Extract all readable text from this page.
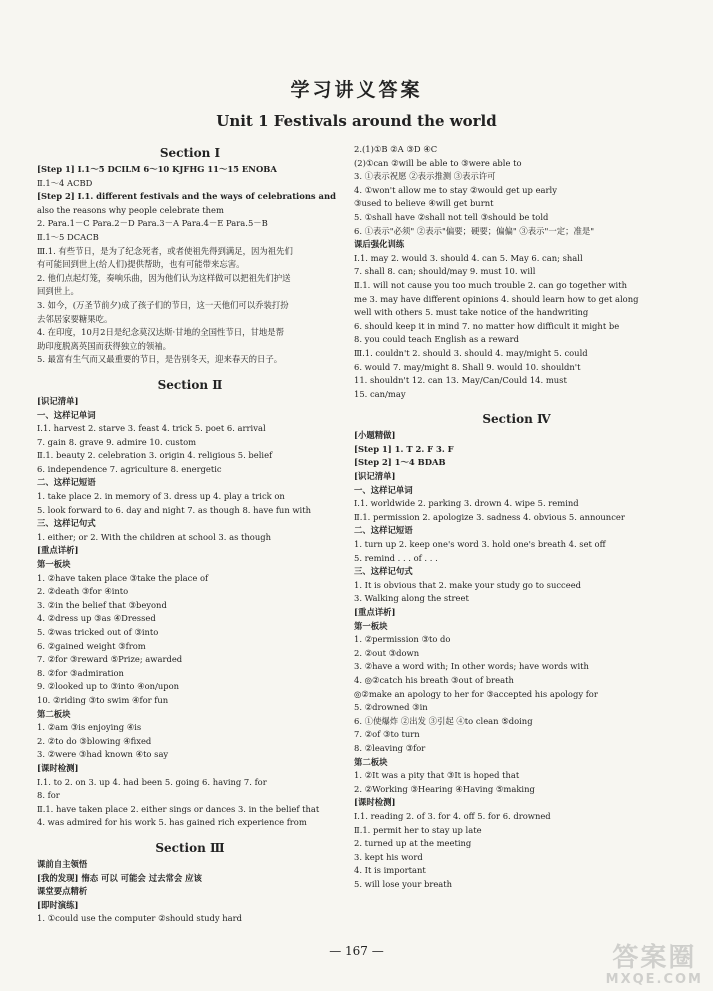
学习讲义答案
Unit 1 Festivals around the world
Section Ⅰ
[Step 1] Ⅰ.1～5 DCILM 6～10 KJFHG 11～15 ENOBA
Ⅱ.1～4 ACBD
[Step 2] Ⅰ.1. different festivals and the ways of celebrations and
also the reasons why people celebrate them
2. Para.1－C Para.2－D Para.3－A Para.4－E Para.5－B
Ⅱ.1～5 DCACB
Ⅲ.1. 有些节日，是为了纪念死者，或者使祖先得到满足，因为祖先们
有可能回到世上(给人们)提供帮助，也有可能带来忘害。
2. 他们点起灯笼，奏响乐曲，因为他们认为这样做可以把祖先们护送
回到世上。
3. 如今，(万圣节前夕)成了孩子们的节日，这一天他们可以乔装打扮
去邻居家要糖果吃。
4. 在印度，10月2日是纪念莫汉达斯·甘地的全国性节日，甘地是帮
助印度脱离英国而获得独立的领袖。
5. 最富有生气而又最重要的节日，是告别冬天，迎来春天的日子。
Section Ⅱ
[识记清单]
一、这样记单词
Ⅰ.1. harvest 2. starve 3. feast 4. trick 5. poet 6. arrival
7. gain 8. grave 9. admire 10. custom
Ⅱ.1. beauty 2. celebration 3. origin 4. religious 5. belief
6. independence 7. agriculture 8. energetic
二、这样记短语
1. take place 2. in memory of 3. dress up 4. play a trick on
5. look forward to 6. day and night 7. as though 8. have fun with
三、这样记句式
1. either; or 2. With the children at school 3. as though
[重点详析]
第一板块
1. ②have taken place ③take the place of
2. ②death ③for ④into
3. ②in the belief that ③beyond
4. ②dress up ③as ④Dressed
5. ②was tricked out of ③into
6. ②gained weight ③from
7. ②for ③reward ⑤Prize; awarded
8. ②for ③admiration
9. ②looked up to ③into ④on/upon
10. ②riding ③to swim ④for fun
第二板块
1. ②am ③is enjoying ④is
2. ②to do ③blowing ④fixed
3. ②were ③had known ④to say
[课时检测]
Ⅰ.1. to 2. on 3. up 4. had been 5. going 6. having 7. for
8. for
Ⅱ.1. have taken place 2. either sings or dances 3. in the belief that
4. was admired for his work 5. has gained rich experience from
Section Ⅲ
课前自主领悟
[我的发现] 惰态 可以 可能会 过去常会 应该
课堂要点精析
[即时演练]
1. ①could use the computer ②should study hard
2.(1)①B ②A ③D ④C
(2)①can ②will be able to ③were able to
3. ①表示祝愿 ②表示推测 ③表示许可
4. ①won't allow me to stay ②would get up early
③used to believe ④will get burnt
5. ①shall have ②shall not tell ③should be told
6. ①表示"必须" ②表示"偏要；硬要；偏偏" ③表示"一定；准是"
课后强化训练
Ⅰ.1. may 2. would 3. should 4. can 5. May 6. can; shall
7. shall 8. can; should/may 9. must 10. will
Ⅱ.1. will not cause you too much trouble 2. can go together with
me 3. may have different opinions 4. should learn how to get along
well with others 5. must take notice of the handwriting
6. should keep it in mind 7. no matter how difficult it might be
8. you could teach English as a reward
Ⅲ.1. couldn't 2. should 3. should 4. may/might 5. could
6. would 7. may/might 8. Shall 9. would 10. shouldn't
11. shouldn't 12. can 13. May/Can/Could 14. must
15. can/may
Section Ⅳ
[小题精做]
[Step 1] 1. T 2. F 3. F
[Step 2] 1～4 BDAB
[识记清单]
一、这样记单词
Ⅰ.1. worldwide 2. parking 3. drown 4. wipe 5. remind
Ⅱ.1. permission 2. apologize 3. sadness 4. obvious 5. announcer
二、这样记短语
1. turn up 2. keep one's word 3. hold one's breath 4. set off
5. remind . . . of . . .
三、这样记句式
1. It is obvious that 2. make your study go to succeed
3. Walking along the street
[重点详析]
第一板块
1. ②permission ③to do
2. ②out ③down
3. ②have a word with; In other words; have words with
4. ◎②catch his breath ③out of breath
◎②make an apology to her for ③accepted his apology for
5. ②drowned ③in
6. ①使爆炸 ②出发 ③引起 ④to clean ⑤doing
7. ②of ③to turn
8. ②leaving ③for
第二板块
1. ②It was a pity that ③It is hoped that
2. ②Working ③Hearing ④Having ⑤making
[课时检测]
Ⅰ.1. reading 2. of 3. for 4. off 5. for 6. drowned
Ⅱ.1. permit her to stay up late
2. turned up at the meeting
3. kept his word
4. It is important
5. will lose your breath
— 167 —	答案圈
MXQE.COM
